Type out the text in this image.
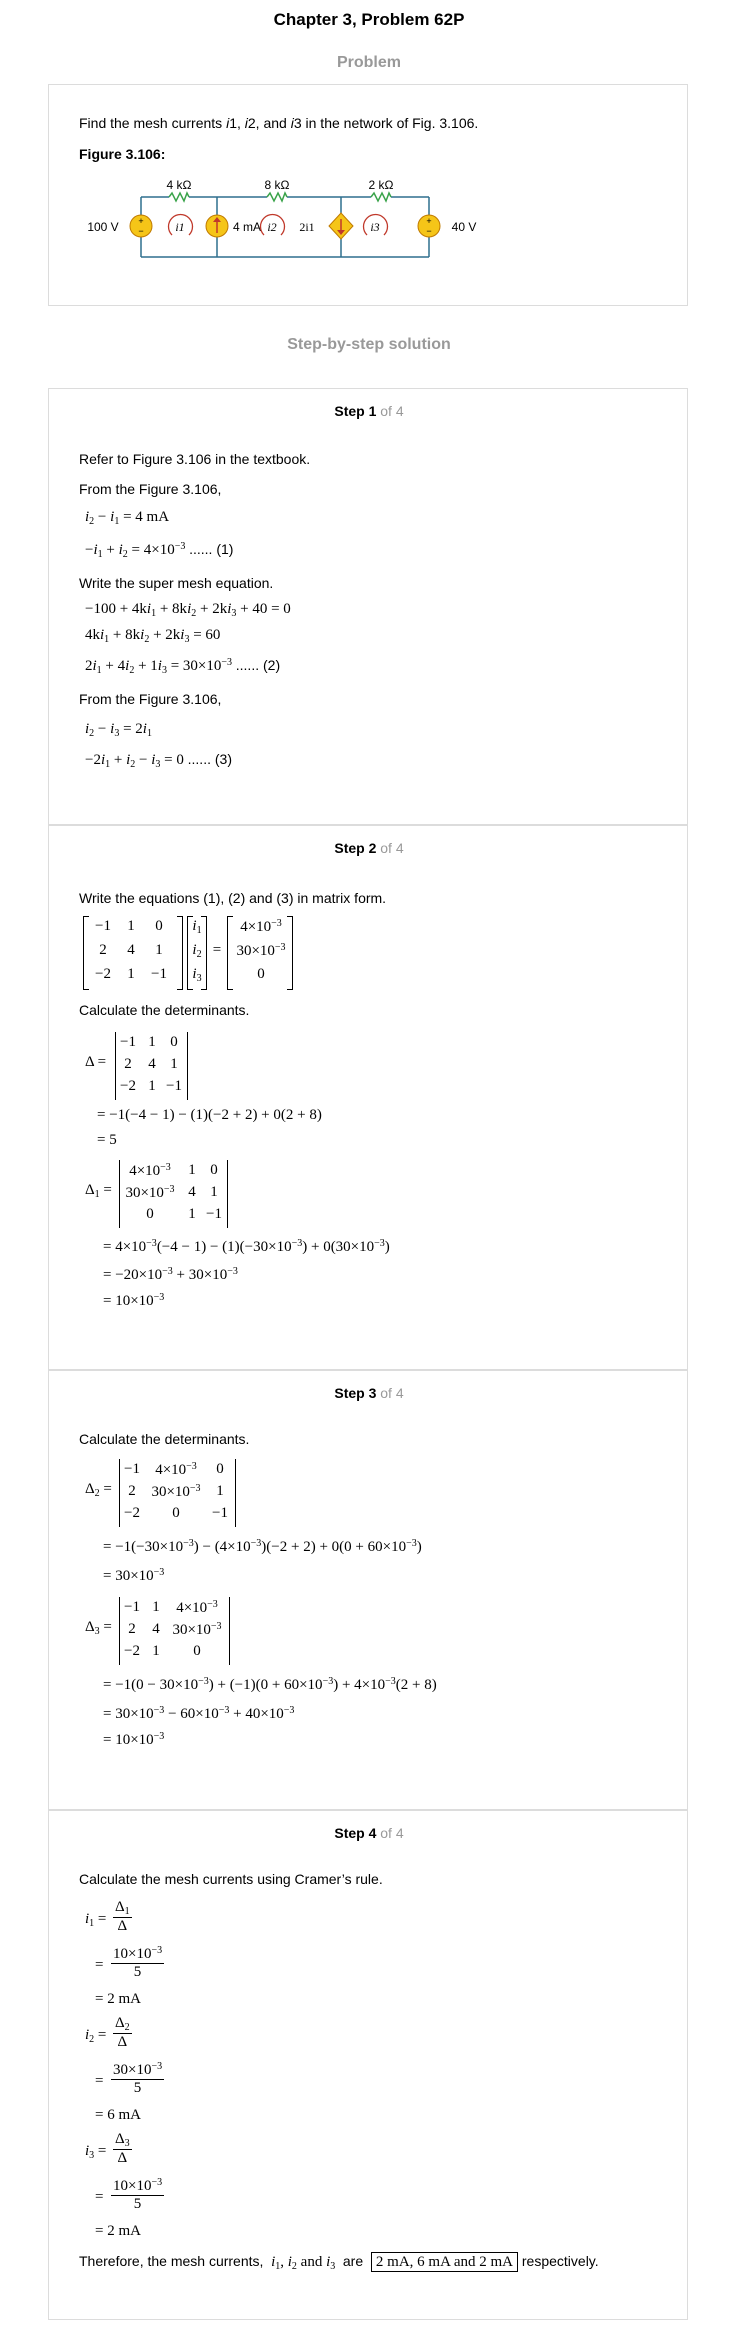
Chapter 3, Problem 62P
Problem
Find the mesh currents i1, i2, and i3 in the network of Fig. 3.106.
Figure 3.106:
4 kΩ	8 kΩ	2 kΩ
+
−
+
−
100 V	40 V
4 mA	2i1
i1	i2	i3
Step-by-step solution
Step 1 of 4
Refer to Figure 3.106 in the textbook.
From the Figure 3.106,
$i_2 - i_1 = 4$ mA
$-i_1 + i_2 = 4\times 10^{-3}$ ...... (1)
Write the super mesh equation.
$-100 + 4ki_1 + 8ki_2 + 2ki_3 + 40 = 0$
$4ki_1 + 8ki_2 + 2ki_3 = 60$
$2i_1 + 4i_2 + 1i_3 = 30\times 10^{-3}$ ...... (2)
From the Figure 3.106,
$i_2 - i_3 = 2i_1$
$-2i_1 + i_2 - i_3 = 0$ ...... (3)
Step 2 of 4
Write the equations (1), (2) and (3) in matrix form.
−1	1	0
2	4	1
−2	1	−1
$i_1$
$i_2$
$i_3$
=
$4\times 10^{-3}$
$30\times 10^{-3}$
0
Calculate the determinants.
Δ =
−1 1 0
2	4 1
−2 1 −1
= −1(−4 − 1) − (1)(−2 + 2) + 0(2 + 8)
= 5
$\Delta_1$ =
$4\times 10^{-3}$	1 0
$30\times 10^{-3}$ 4 1
0	1 −1
= $4\times 10^{-3}(-4 - 1) - (1)(-30\times 10^{-3}) + 0(30\times 10^{-3})$
= $-20\times 10^{-3} + 30\times 10^{-3}$
= $10\times 10^{-3}$
Step 3 of 4
Calculate the determinants.
$\Delta_2$ =
−1	$4\times 10^{-3}$	0
2	$30\times 10^{-3}$	1
−2	0	−1
= $-1(-30\times 10^{-3}) - (4\times 10^{-3})(-2 + 2) + 0(0 + 60\times 10^{-3})$
= $30\times 10^{-3}$
$\Delta_3$ =
−1 1	$4\times 10^{-3}$
2	4 $30\times 10^{-3}$
−2 1	0
= $-1(0 - 30\times 10^{-3}) + (-1)(0 + 60\times 10^{-3}) + 4\times 10^{-3}(2 + 8)$
= $30\times 10^{-3} - 60\times 10^{-3} + 40\times 10^{-3}$
= $10\times 10^{-3}$
Step 4 of 4
Calculate the mesh currents using Cramer’s rule.
$i_1 = \frac{\Delta_1}{\Delta}$
= $\frac{10\times 10^{-3}}{5}$
= 2 mA
$i_2 = \frac{\Delta_2}{\Delta}$
= $\frac{30\times 10^{-3}}{5}$
= 6 mA
$i_3 = \frac{\Delta_3}{\Delta}$
= $\frac{10\times 10^{-3}}{5}$
= 2 mA
Therefore, the mesh currents, $i_1$, $i_2$ and $i_3$  are  2 mA, 6 mA and 2 mA respectively.
